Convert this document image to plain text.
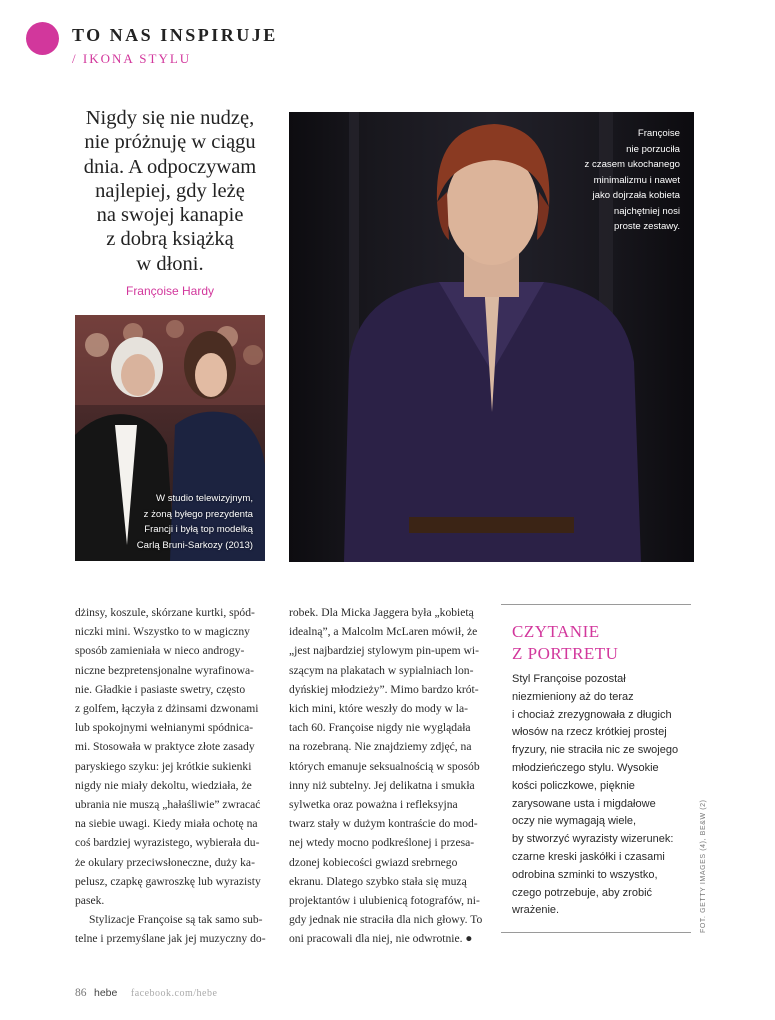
TO NAS INSPIRUJE
/ IKONA STYLU
Nigdy się nie nudzę,
nie próżnuję w ciągu
dnia. A odpoczywam
najlepiej, gdy leżę
na swojej kanapie
z dobrą książką
w dłoni.
Françoise Hardy
W studio telewizyjnym,
z żoną byłego prezydenta
Francji i byłą top modelką
Carlą Bruni-Sarkozy (2013)
Françoise
nie porzuciła
z czasem ukochanego
minimalizmu i nawet
jako dojrzała kobieta
najchętniej nosi
proste zestawy.
dżinsy, koszule, skórzane kurtki, spód-
niczki mini. Wszystko to w magiczny
sposób zamieniała w nieco androgy-
niczne bezpretensjonalne wyrafinowa-
nie. Gładkie i pasiaste swetry, często
z golfem, łączyła z dżinsami dzwonami
lub spokojnymi wełnianymi spódnica-
mi. Stosowała w praktyce złote zasady
paryskiego szyku: jej krótkie sukienki
nigdy nie miały dekoltu, wiedziała, że
ubrania nie muszą „hałaśliwie” zwracać
na siebie uwagi. Kiedy miała ochotę na
coś bardziej wyrazistego, wybierała du-
że okulary przeciwsłoneczne, duży ka-
pelusz, czapkę gawroszkę lub wyrazisty
pasek.
Stylizacje Françoise są tak samo sub-
telne i przemyślane jak jej muzyczny do-
robek. Dla Micka Jaggera była „kobietą
idealną”, a Malcolm McLaren mówił, że
„jest najbardziej stylowym pin-upem wi-
szącym na plakatach w sypialniach lon-
dyńskiej młodzieży”. Mimo bardzo krót-
kich mini, które weszły do mody w la-
tach 60. Françoise nigdy nie wyglądała
na rozebraną. Nie znajdziemy zdjęć, na
których emanuje seksualnością w sposób
inny niż subtelny. Jej delikatna i smukła
sylwetka oraz poważna i refleksyjna
twarz stały w dużym kontraście do mod-
nej wtedy mocno podkreślonej i przesa-
dzonej kobiecości gwiazd srebrnego
ekranu. Dlatego szybko stała się muzą
projektantów i ulubienicą fotografów, ni-
gdy jednak nie straciła dla nich głowy. To
oni pracowali dla niej, nie odwrotnie. ●
CZYTANIE
Z PORTRETU
Styl Françoise pozostał
niezmieniony aż do teraz
i chociaż zrezygnowała z długich
włosów na rzecz krótkiej prostej
fryzury, nie straciła nic ze swojego
młodzieńczego stylu. Wysokie
kości policzkowe, pięknie
zarysowane usta i migdałowe
oczy nie wymagają wiele,
by stworzyć wyrazisty wizerunek:
czarne kreski jaskółki i czasami
odrobina szminki to wszystko,
czego potrzebuje, aby zrobić
wrażenie.	FOT. GETTY IMAGES (4), BE&W (2)
86 hebe facebook.com/hebe
